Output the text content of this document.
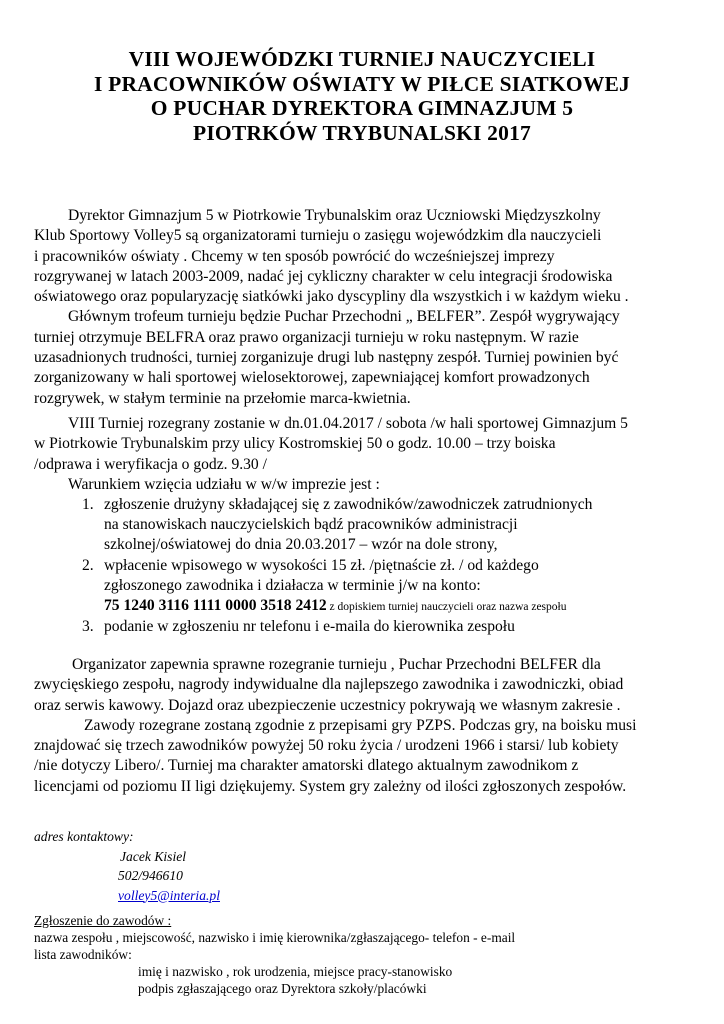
VIII WOJEWÓDZKI TURNIEJ NAUCZYCIELI
I PRACOWNIKÓW OŚWIATY W PIŁCE SIATKOWEJ
O PUCHAR DYREKTORA GIMNAZJUM 5
PIOTRKÓW TRYBUNALSKI 2017
Dyrektor Gimnazjum 5 w Piotrkowie Trybunalskim oraz Uczniowski Międzyszkolny
Klub Sportowy Volley5 są organizatorami turnieju o zasięgu wojewódzkim dla nauczycieli
i pracowników oświaty . Chcemy w ten sposób powrócić do wcześniejszej imprezy
rozgrywanej w latach 2003-2009, nadać jej cykliczny charakter w celu integracji środowiska
oświatowego oraz popularyzację siatkówki jako dyscypliny dla wszystkich i w każdym wieku .
Głównym trofeum turnieju będzie Puchar Przechodni „ BELFER”. Zespół wygrywający
turniej otrzymuje BELFRA oraz prawo organizacji turnieju w roku następnym. W razie
uzasadnionych trudności, turniej zorganizuje drugi lub następny zespół. Turniej powinien być
zorganizowany w hali sportowej wielosektorowej, zapewniającej komfort prowadzonych
rozgrywek, w stałym terminie na przełomie marca-kwietnia.
VIII Turniej rozegrany zostanie w dn.01.04.2017 / sobota /w hali sportowej Gimnazjum 5
w Piotrkowie Trybunalskim przy ulicy Kostromskiej 50 o godz. 10.00 – trzy boiska
/odprawa i weryfikacja o godz. 9.30 /
Warunkiem wzięcia udziału w w/w imprezie jest :
1. zgłoszenie drużyny składającej się z zawodników/zawodniczek zatrudnionych
na stanowiskach nauczycielskich bądź pracowników administracji
szkolnej/oświatowej do dnia 20.03.2017 – wzór na dole strony,
2. wpłacenie wpisowego w wysokości 15 zł. /piętnaście zł. / od każdego
zgłoszonego zawodnika i działacza w terminie j/w na konto:
75 1240 3116 1111 0000 3518 2412 z dopiskiem turniej nauczycieli oraz nazwa zespołu
3. podanie w zgłoszeniu nr telefonu i e-maila do kierownika zespołu
Organizator zapewnia sprawne rozegranie turnieju , Puchar Przechodni BELFER dla
zwycięskiego zespołu, nagrody indywidualne dla najlepszego zawodnika i zawodniczki, obiad
oraz serwis kawowy. Dojazd oraz ubezpieczenie uczestnicy pokrywają we własnym zakresie .
Zawody rozegrane zostaną zgodnie z przepisami gry PZPS. Podczas gry, na boisku musi
znajdować się trzech zawodników powyżej 50 roku życia / urodzeni 1966 i starsi/ lub kobiety
/nie dotyczy Libero/. Turniej ma charakter amatorski dlatego aktualnym zawodnikom z
licencjami od poziomu II ligi dziękujemy. System gry zależny od ilości zgłoszonych zespołów.
adres kontaktowy:
Jacek Kisiel
502/946610
volley5@interia.pl
Zgłoszenie do zawodów :
nazwa zespołu , miejscowość, nazwisko i imię kierownika/zgłaszającego- telefon - e-mail
lista zawodników:
imię i nazwisko , rok urodzenia, miejsce pracy-stanowisko
podpis zgłaszającego oraz Dyrektora szkoły/placówki
